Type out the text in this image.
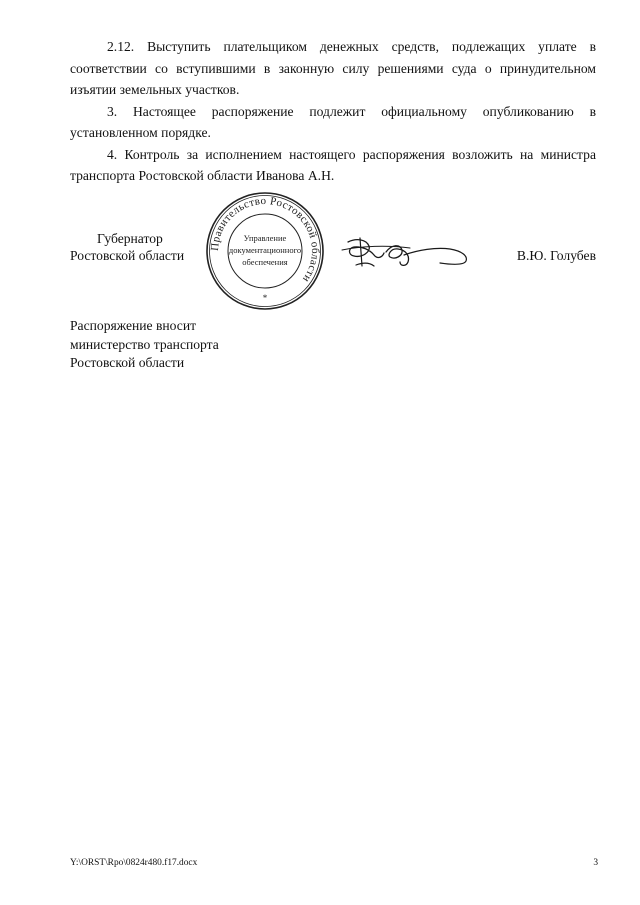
2.12. Выступить плательщиком денежных средств, подлежащих уплате в соответствии со вступившими в законную силу решениями суда о принудительном изъятии земельных участков.

3. Настоящее распоряжение подлежит официальному опубликованию в установленном порядке.

4. Контроль за исполнением настоящего распоряжения возложить на министра транспорта Ростовской области Иванова А.Н.

Губернатор
Ростовской области
Правительство Ростовской области
Управление
документационного
обеспечения
*
В.Ю. Голубев
Распоряжение вносит
министерство транспорта
Ростовской области
Y:\ORST\Rpo\0824r480.f17.docx	3
